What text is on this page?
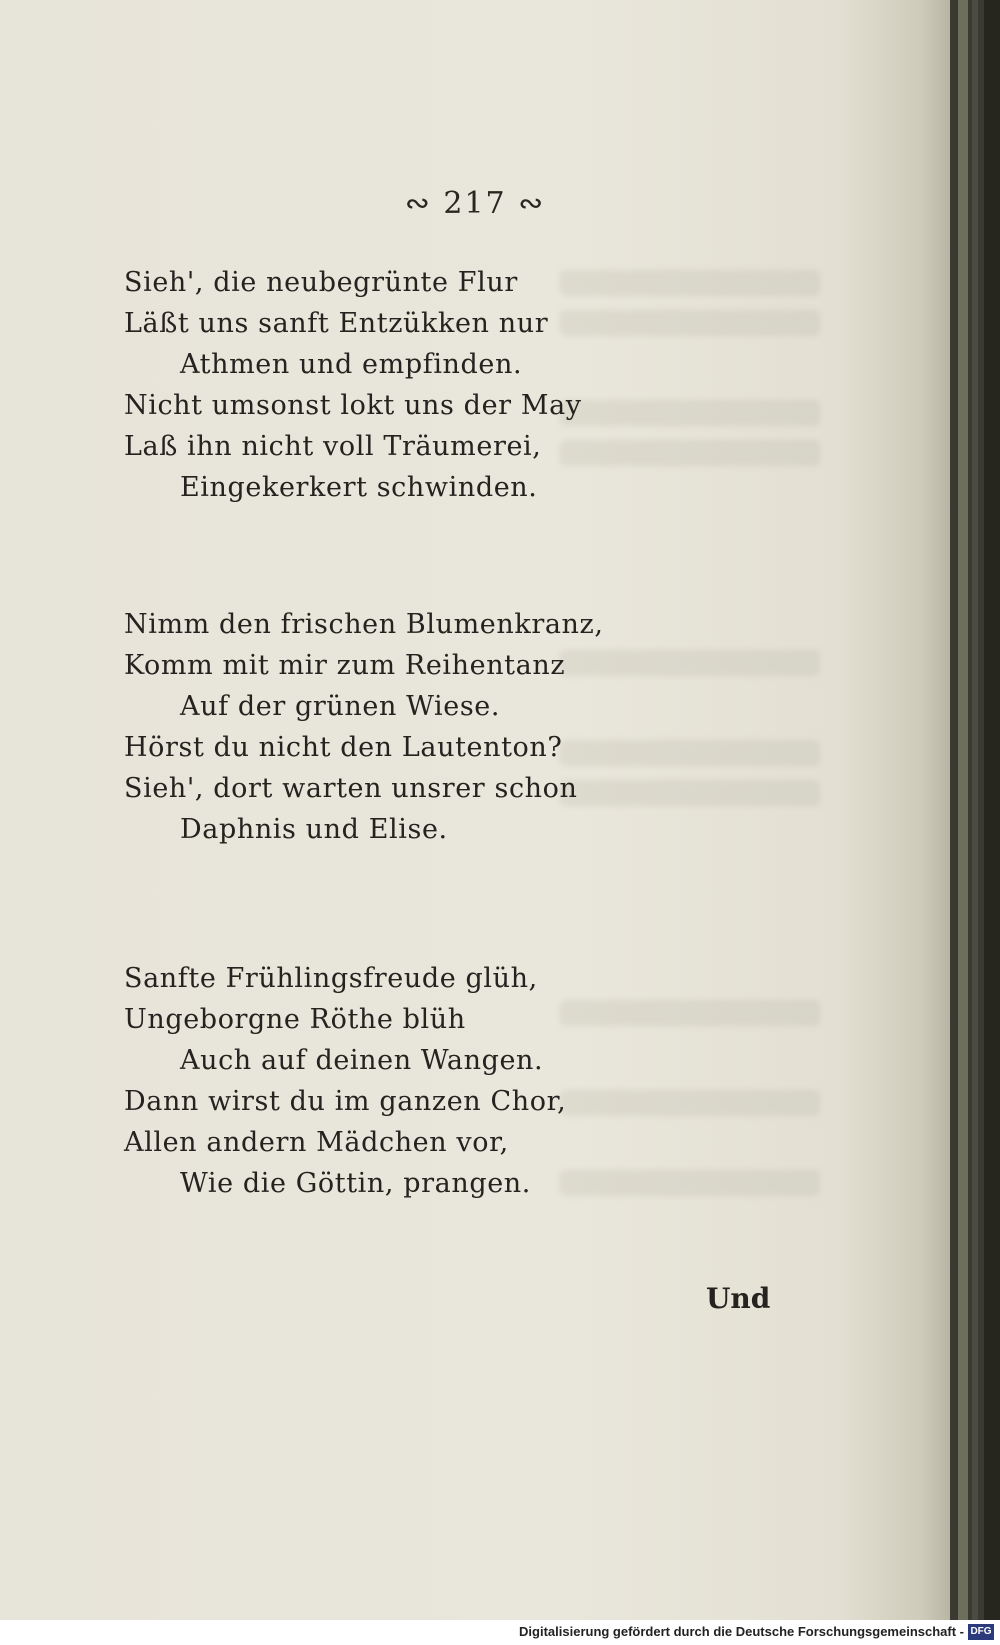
∾ 217 ∾
Sieh', die neubegrünte Flur
Läßt uns sanft Entzükken nur
Athmen und empfinden.
Nicht umsonst lokt uns der May
Laß ihn nicht voll Träumerei,
Eingekerkert schwinden.
Nimm den frischen Blumenkranz,
Komm mit mir zum Reihentanz
Auf der grünen Wiese.
Hörst du nicht den Lautenton?
Sieh', dort warten unsrer schon
Daphnis und Elise.
Sanfte Frühlingsfreude glüh,
Ungeborgne Röthe blüh
Auch auf deinen Wangen.
Dann wirst du im ganzen Chor,
Allen andern Mädchen vor,
Wie die Göttin, prangen.
Und
Digitalisierung gefördert durch die Deutsche Forschungsgemeinschaft - DFG
